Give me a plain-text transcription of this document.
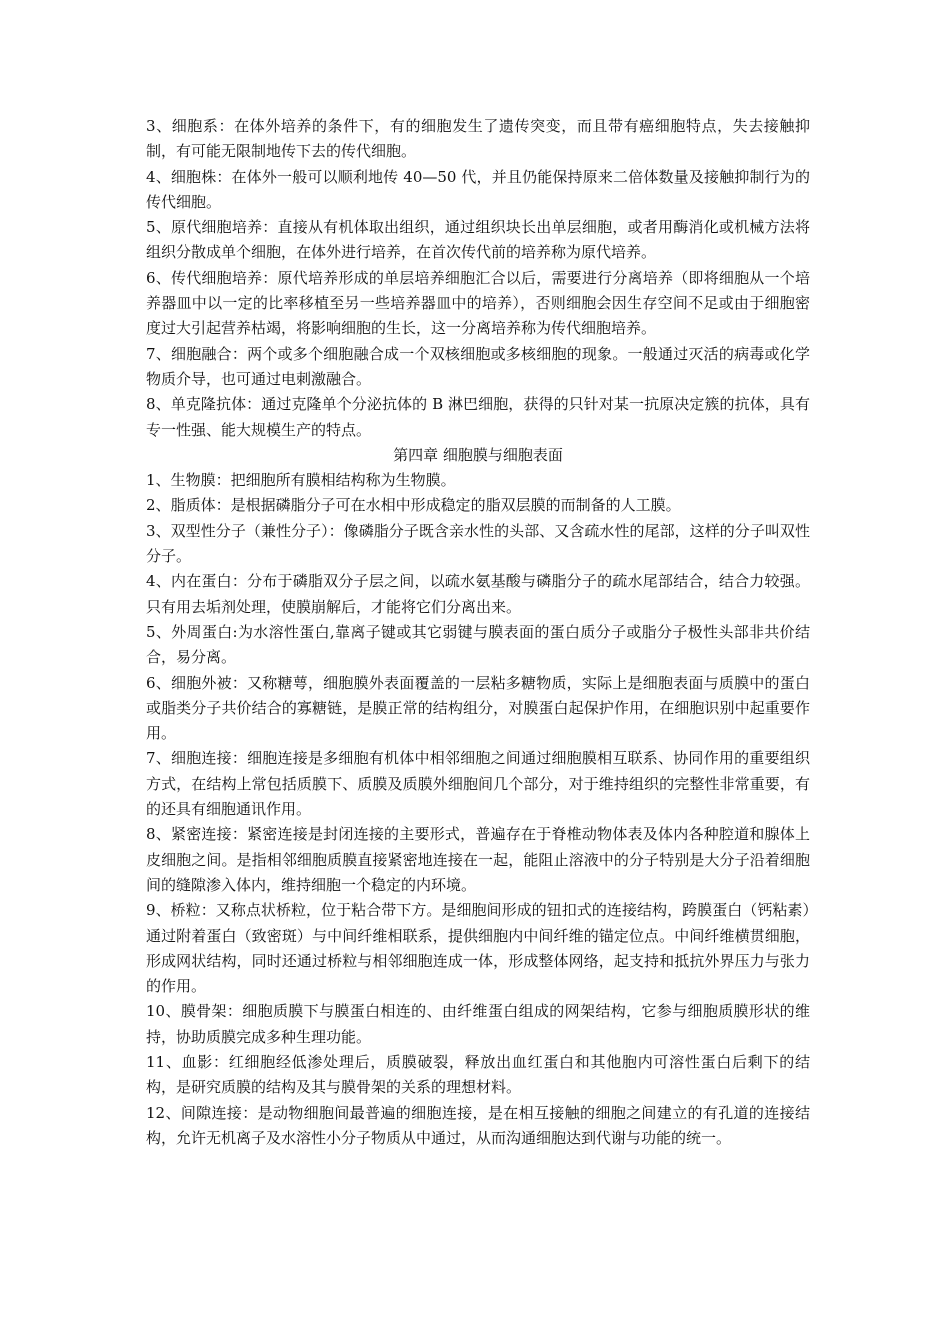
3、细胞系：在体外培养的条件下，有的细胞发生了遗传突变，而且带有癌细胞特点，失去接触抑制，有可能无限制地传下去的传代细胞。

4、细胞株：在体外一般可以顺利地传 40—50 代，并且仍能保持原来二倍体数量及接触抑制行为的传代细胞。

5、原代细胞培养：直接从有机体取出组织，通过组织块长出单层细胞，或者用酶消化或机械方法将组织分散成单个细胞，在体外进行培养，在首次传代前的培养称为原代培养。

6、传代细胞培养：原代培养形成的单层培养细胞汇合以后，需要进行分离培养（即将细胞从一个培养器皿中以一定的比率移植至另一些培养器皿中的培养），否则细胞会因生存空间不足或由于细胞密度过大引起营养枯竭，将影响细胞的生长，这一分离培养称为传代细胞培养。

7、细胞融合：两个或多个细胞融合成一个双核细胞或多核细胞的现象。一般通过灭活的病毒或化学物质介导，也可通过电刺激融合。

8、单克隆抗体：通过克隆单个分泌抗体的 B 淋巴细胞，获得的只针对某一抗原决定簇的抗体，具有专一性强、能大规模生产的特点。

第四章 细胞膜与细胞表面

1、生物膜：把细胞所有膜相结构称为生物膜。

2、脂质体：是根据磷脂分子可在水相中形成稳定的脂双层膜的而制备的人工膜。

3、双型性分子（兼性分子）：像磷脂分子既含亲水性的头部、又含疏水性的尾部，这样的分子叫双性分子。

4、内在蛋白：分布于磷脂双分子层之间，以疏水氨基酸与磷脂分子的疏水尾部结合，结合力较强。只有用去垢剂处理，使膜崩解后，才能将它们分离出来。

5、外周蛋白:为水溶性蛋白,靠离子键或其它弱键与膜表面的蛋白质分子或脂分子极性头部非共价结合，易分离。

6、细胞外被：又称糖萼，细胞膜外表面覆盖的一层粘多糖物质，实际上是细胞表面与质膜中的蛋白或脂类分子共价结合的寡糖链，是膜正常的结构组分，对膜蛋白起保护作用，在细胞识别中起重要作用。

7、细胞连接：细胞连接是多细胞有机体中相邻细胞之间通过细胞膜相互联系、协同作用的重要组织方式，在结构上常包括质膜下、质膜及质膜外细胞间几个部分，对于维持组织的完整性非常重要，有的还具有细胞通讯作用。

8、紧密连接：紧密连接是封闭连接的主要形式，普遍存在于脊椎动物体表及体内各种腔道和腺体上皮细胞之间。是指相邻细胞质膜直接紧密地连接在一起，能阻止溶液中的分子特别是大分子沿着细胞间的缝隙渗入体内，维持细胞一个稳定的内环境。

9、桥粒：又称点状桥粒，位于粘合带下方。是细胞间形成的钮扣式的连接结构，跨膜蛋白（钙粘素）通过附着蛋白（致密斑）与中间纤维相联系，提供细胞内中间纤维的锚定位点。中间纤维横贯细胞，形成网状结构，同时还通过桥粒与相邻细胞连成一体，形成整体网络，起支持和抵抗外界压力与张力的作用。

10、膜骨架：细胞质膜下与膜蛋白相连的、由纤维蛋白组成的网架结构，它参与细胞质膜形状的维持，协助质膜完成多种生理功能。

11、血影：红细胞经低渗处理后，质膜破裂，释放出血红蛋白和其他胞内可溶性蛋白后剩下的结构，是研究质膜的结构及其与膜骨架的关系的理想材料。

12、间隙连接：是动物细胞间最普遍的细胞连接，是在相互接触的细胞之间建立的有孔道的连接结构，允许无机离子及水溶性小分子物质从中通过，从而沟通细胞达到代谢与功能的统一。
